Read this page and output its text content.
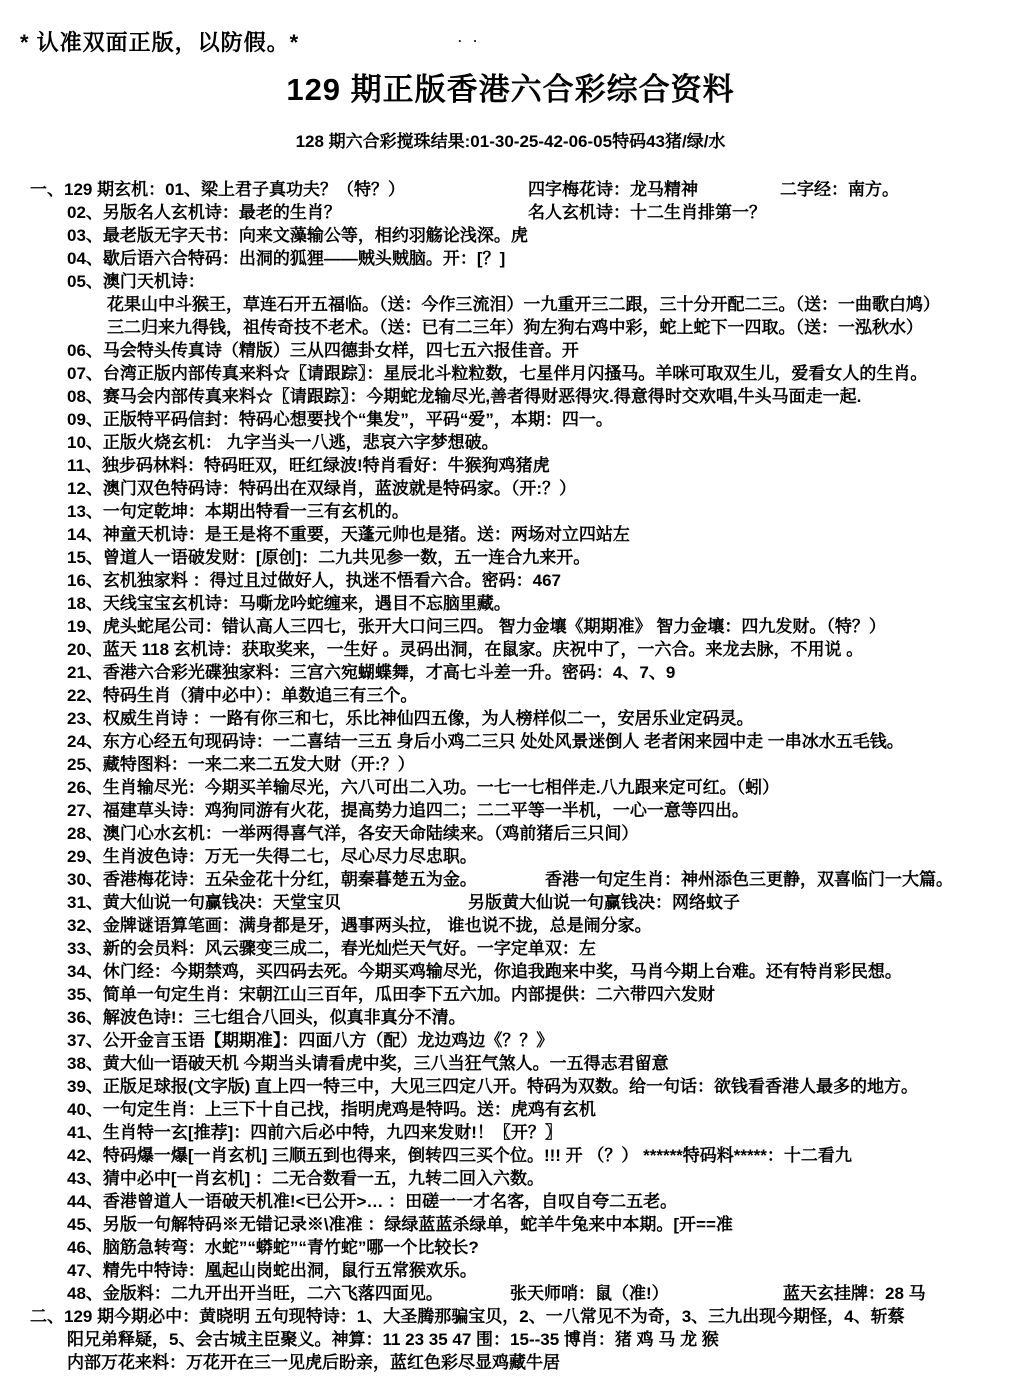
* 认准双面正版，以防假。*	. .
129 期正版香港六合彩综合资料
128 期六合彩搅珠结果:01-30-25-42-06-05特码43猪/绿/水
一、129 期玄机：01、梁上君子真功夫？（特？）	四字梅花诗：龙马精神	二字经：南方。
02、另版名人玄机诗：最老的生肖？	名人玄机诗：十二生肖排第一？
03、最老版无字天书：向来文藻输公等，相约羽觞论浅深。虎
04、歇后语六合特码：出洞的狐狸——贼头贼脑。开：[？]
05、澳门天机诗：
花果山中斗猴王，草连石开五福临。（送：今作三流泪）一九重开三二跟，三十分开配二三。（送：一曲歌白鸠）
三二归来九得钱，祖传奇技不老术。（送：已有二三年）狗左狗右鸡中彩，蛇上蛇下一四取。（送：一泓秋水）
06、马会特头传真诗（精版）三从四德卦女样，四七五六报佳音。开
07、台湾正版内部传真来料☆〖请跟踪〗：星辰北斗粒粒数，七星伴月闪搔马。羊咪可取双生儿，爱看女人的生肖。
08、赛马会内部传真来料☆〖请跟踪〗：今期蛇龙输尽光,善者得财恶得灾.得意得时交欢唱,牛头马面走一起.
09、正版特平码信封：特码心想要找个“集发”，平码“爱”，本期：四一。
10、正版火烧玄机： 九字当头一八逃，悲哀六字梦想破。
11、独步码林料：特码旺双，旺红绿波!特肖看好：牛猴狗鸡猪虎
12、澳门双色特码诗：特码出在双绿肖，蓝波就是特码家。（开:？）
13、一句定乾坤：本期出特看一三有玄机的。
14、神童天机诗：是王是将不重要，天蓬元帅也是猪。送：两场对立四站左
15、曾道人一语破发财：[原创]：二九共见参一数，五一连合九来开。
16、玄机独家料 ：得过且过做好人，执迷不悟看六合。密码：467
18、天线宝宝玄机诗：马嘶龙吟蛇缠来，遇目不忘脑里藏。
19、虎头蛇尾公司：错认高人三四七，张开大口问三四。 智力金壤《期期准》 智力金壤：四九发财。（特？）
20、蓝天 118 玄机诗：获取奖来，一生好 。灵码出洞，在鼠家。庆祝中了，一六合。来龙去脉，不用说 。
21、香港六合彩光碟独家料：三宫六宛蝴蝶舞，才高七斗差一升。密码：4、7、9
22、特码生肖（猜中必中）：单数追三有三个。
23、权威生肖诗 ：一路有你三和七，乐比神仙四五像，为人榜样似二一，安居乐业定码灵。
24、东方心经五句现码诗：一二喜结一三五 身后小鸡二三只 处处风景迷倒人 老者闲来园中走 一串冰水五毛钱。
25、藏特图料：一来二来二五发大财（开:？）
26、生肖输尽光：今期买羊输尽光，六八可出二入功。一七一七相伴走.八九跟来定可红。（蚓）
27、福建草头诗：鸡狗同游有火花，提高势力追四二；二二平等一半机，一心一意等四出。
28、澳门心水玄机：一举两得喜气洋，各安天命陆续来。（鸡前猪后三只间）
29、生肖波色诗：万无一失得二七，尽心尽力尽忠职。
30、香港梅花诗：五朵金花十分红，朝秦暮楚五为金。	香港一句定生肖：神州添色三更静，双喜临门一大篇。
31、黄大仙说一句赢钱决：天堂宝贝	另版黄大仙说一句赢钱决：网络蚊子
32、金牌谜语算笔画：满身都是牙，遇事两头拉， 谁也说不拢，总是闹分家。
33、新的会员料：风云骤变三成二，春光灿烂天气好。一字定单双：左
34、休门经：今期禁鸡，买四码去死。今期买鸡输尽光，你追我跑来中奖，马肖今期上台难。还有特肖彩民想。
35、简单一句定生肖：宋朝江山三百年，瓜田李下五六加。内部提供：二六带四六发财
36、解波色诗!：三七组合八回头，似真非真分不清。
37、公开金言玉语【期期准】：四面八方（配）龙边鸡边《？？》
38、黄大仙一语破天机 今期当头请看虎中奖，三八当狂气煞人。一五得志君留意
39、正版足球报(文字版) 直上四一特三中，大见三四定八开。特码为双数。给一句话：欲钱看香港人最多的地方。
40、一句定生肖：上三下十自己找，指明虎鸡是特吗。送：虎鸡有玄机
41、生肖特一玄[推荐]：四前六后必中特，九四来发财!！〖开？〗
42、特码爆一爆[一肖玄机] 三顺五到也得来，倒转四三买个位。!!! 开 （？） ******特码料*****：十二看九
43、猜中必中[一肖玄机] ：二无合数看一五，九转二回入六数。
44、香港曾道人一语破天机准!<已公开>… ：田磋一一才名客，自叹自夸二五老。
45、另版一句解特码※无错记录※\准准 ：绿绿蓝蓝杀绿单，蛇羊牛兔来中本期。[开==准
46、脑筋急转弯：水蛇”“蟒蛇”“青竹蛇”哪一个比较长?
47、精先中特诗：凰起山岗蛇出洞，鼠行五常猴欢乐。
48、金版料：二九开出开当旺，二六飞落四面见。	张天师哨：鼠（准!）	蓝天玄挂牌：28 马
二、129 期今期必中：黄晓明 五句现特诗：1、大圣腾那骗宝贝，2、一八常见不为奇，3、三九出现今期怪，4、斩蔡
阳兄弟释疑，5、会古城主臣聚义。神算：11 23 35 47 围：15--35 博肖：猪 鸡 马 龙 猴
内部万花来料：万花开在三一见虎后盼亲，蓝红色彩尽显鸡藏牛居
